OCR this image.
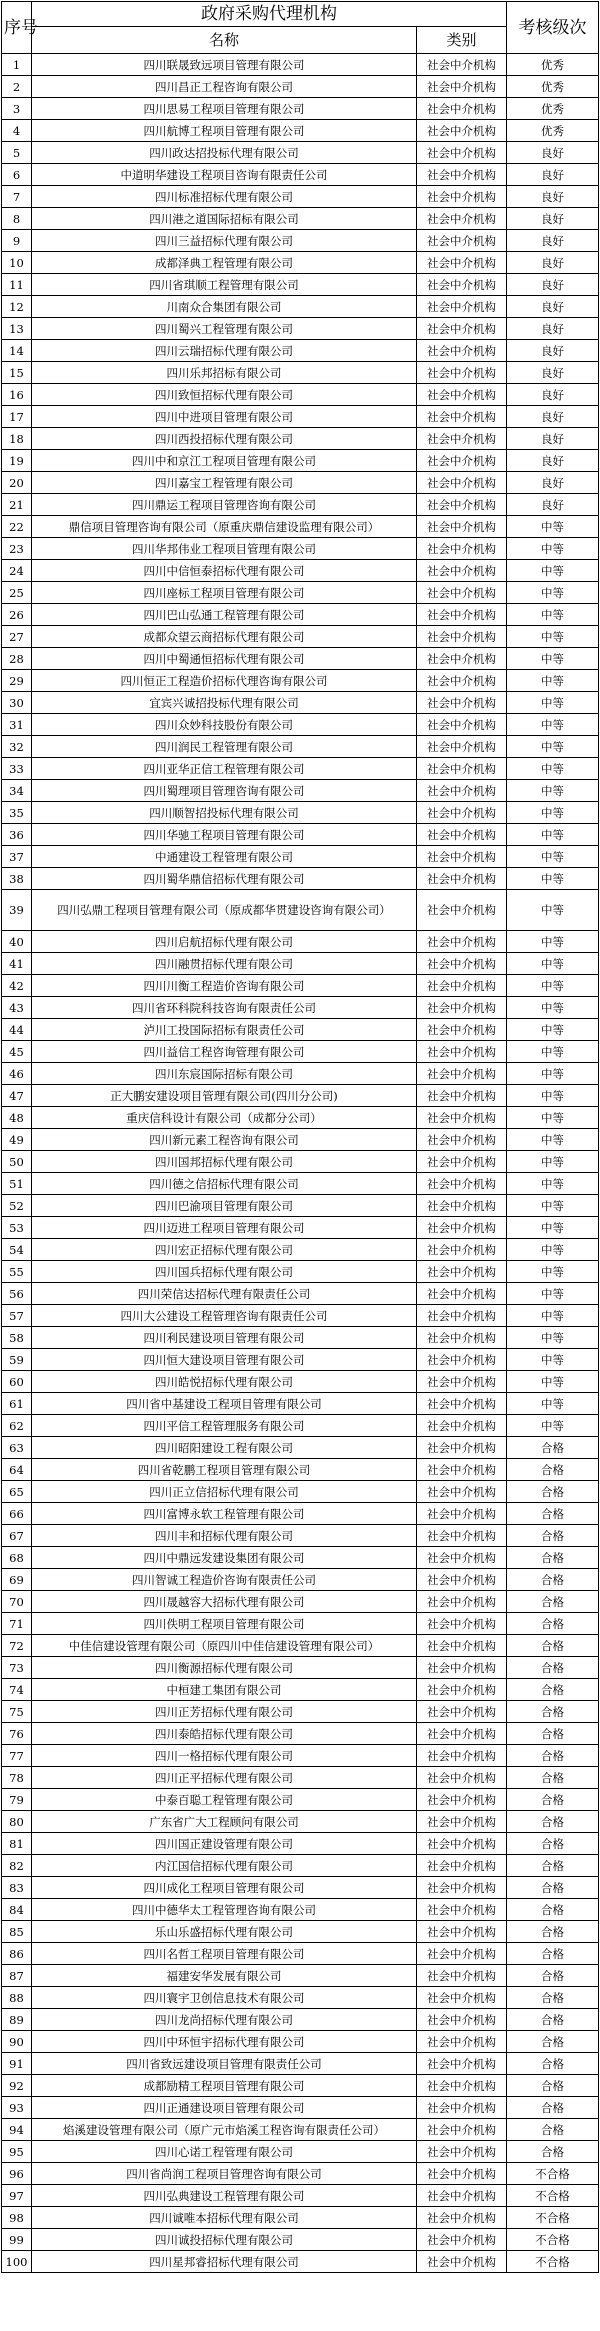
序号	政府采购代理机构		考核级次
	名称	类别	
1	四川联晟致远项目管理有限公司	社会中介机构	优秀
2	四川昌正工程咨询有限公司	社会中介机构	优秀
3	四川思易工程项目管理有限公司	社会中介机构	优秀
4	四川航博工程项目管理有限公司	社会中介机构	优秀
5	四川政达招投标代理有限公司	社会中介机构	良好
6	中道明华建设工程项目咨询有限责任公司	社会中介机构	良好
7	四川标准招标代理有限公司	社会中介机构	良好
8	四川港之道国际招标有限公司	社会中介机构	良好
9	四川三益招标代理有限公司	社会中介机构	良好
10	成都泽典工程管理有限公司	社会中介机构	良好
11	四川省琪顺工程管理有限公司	社会中介机构	良好
12	川南众合集团有限公司	社会中介机构	良好
13	四川蜀兴工程管理有限公司	社会中介机构	良好
14	四川云瑞招标代理有限公司	社会中介机构	良好
15	四川乐邦招标有限公司	社会中介机构	良好
16	四川致恒招标代理有限公司	社会中介机构	良好
17	四川中进项目管理有限公司	社会中介机构	良好
18	四川西投招标代理有限公司	社会中介机构	良好
19	四川中和京江工程项目管理有限公司	社会中介机构	良好
20	四川嘉宝工程管理有限公司	社会中介机构	良好
21	四川鼎运工程项目管理咨询有限公司	社会中介机构	良好
22	鼎信项目管理咨询有限公司（原重庆鼎信建设监理有限公司）	社会中介机构	中等
23	四川华邦伟业工程项目管理有限公司	社会中介机构	中等
24	四川中信恒泰招标代理有限公司	社会中介机构	中等
25	四川座标工程项目管理有限公司	社会中介机构	中等
26	四川巴山弘通工程管理有限公司	社会中介机构	中等
27	成都众望云商招标代理有限公司	社会中介机构	中等
28	四川中蜀通恒招标代理有限公司	社会中介机构	中等
29	四川恒正工程造价招标代理咨询有限公司	社会中介机构	中等
30	宜宾兴诚招投标代理有限公司	社会中介机构	中等
31	四川众妙科技股份有限公司	社会中介机构	中等
32	四川润民工程管理有限公司	社会中介机构	中等
33	四川亚华正信工程管理有限公司	社会中介机构	中等
34	四川蜀理项目管理咨询有限公司	社会中介机构	中等
35	四川顺智招投标代理有限公司	社会中介机构	中等
36	四川华驰工程项目管理有限公司	社会中介机构	中等
37	中通建设工程管理有限公司	社会中介机构	中等
38	四川蜀华鼎信招标代理有限公司	社会中介机构	中等
39	四川弘鼎工程项目管理有限公司（原成都华贯建设咨询有限公司）	社会中介机构	中等
40	四川启航招标代理有限公司	社会中介机构	中等
41	四川融贯招标代理有限公司	社会中介机构	中等
42	四川川衡工程造价咨询有限公司	社会中介机构	中等
43	四川省环科院科技咨询有限责任公司	社会中介机构	中等
44	泸川工投国际招标有限责任公司	社会中介机构	中等
45	四川益信工程咨询管理有限公司	社会中介机构	中等
46	四川东宸国际招标有限公司	社会中介机构	中等
47	正大鹏安建设项目管理有限公司(四川分公司)	社会中介机构	中等
48	重庆信科设计有限公司（成都分公司）	社会中介机构	中等
49	四川新元素工程咨询有限公司	社会中介机构	中等
50	四川国邦招标代理有限公司	社会中介机构	中等
51	四川德之信招标代理有限公司	社会中介机构	中等
52	四川巴渝项目管理有限公司	社会中介机构	中等
53	四川迈进工程项目管理有限公司	社会中介机构	中等
54	四川宏正招标代理有限公司	社会中介机构	中等
55	四川国兵招标代理有限公司	社会中介机构	中等
56	四川荣信达招标代理有限责任公司	社会中介机构	中等
57	四川大公建设工程管理咨询有限责任公司	社会中介机构	中等
58	四川利民建设项目管理有限公司	社会中介机构	中等
59	四川恒大建设项目管理有限公司	社会中介机构	中等
60	四川皓悦招标代理有限公司	社会中介机构	中等
61	四川省中基建设工程项目管理有限公司	社会中介机构	中等
62	四川平信工程管理服务有限公司	社会中介机构	中等
63	四川昭阳建设工程有限公司	社会中介机构	合格
64	四川省乾鹏工程项目管理有限公司	社会中介机构	合格
65	四川正立信招标代理有限公司	社会中介机构	合格
66	四川富博永软工程管理有限公司	社会中介机构	合格
67	四川丰和招标代理有限公司	社会中介机构	合格
68	四川中鼎远发建设集团有限公司	社会中介机构	合格
69	四川智诚工程造价咨询有限责任公司	社会中介机构	合格
70	四川晟越容大招标代理有限公司	社会中介机构	合格
71	四川佚明工程项目管理有限公司	社会中介机构	合格
72	中佳信建设管理有限公司（原四川中佳信建设管理有限公司）	社会中介机构	合格
73	四川衡源招标代理有限公司	社会中介机构	合格
74	中桓建工集团有限公司	社会中介机构	合格
75	四川正芳招标代理有限公司	社会中介机构	合格
76	四川泰皓招标代理有限公司	社会中介机构	合格
77	四川一格招标代理有限公司	社会中介机构	合格
78	四川正平招标代理有限公司	社会中介机构	合格
79	中泰百聪工程管理有限公司	社会中介机构	合格
80	广东省广大工程顾问有限公司	社会中介机构	合格
81	四川国正建设管理有限公司	社会中介机构	合格
82	内江国信招标代理有限公司	社会中介机构	合格
83	四川成化工程项目管理有限公司	社会中介机构	合格
84	四川中德华太工程管理咨询有限公司	社会中介机构	合格
85	乐山乐盛招标代理有限公司	社会中介机构	合格
86	四川名哲工程项目管理有限公司	社会中介机构	合格
87	福建安华发展有限公司	社会中介机构	合格
88	四川寰宇卫创信息技术有限公司	社会中介机构	合格
89	四川龙尚招标代理有限公司	社会中介机构	合格
90	四川中环恒宇招标代理有限公司	社会中介机构	合格
91	四川省致远建设项目管理有限责任公司	社会中介机构	合格
92	成都励精工程项目管理有限公司	社会中介机构	合格
93	四川正通建设项目管理有限公司	社会中介机构	合格
94	焰溪建设管理有限公司（原广元市焰溪工程咨询有限责任公司）	社会中介机构	合格
95	四川心诺工程管理有限公司	社会中介机构	合格
96	四川省尚润工程项目管理咨询有限公司	社会中介机构	不合格
97	四川弘典建设工程管理有限公司	社会中介机构	不合格
98	四川诚唯本招标代理有限公司	社会中介机构	不合格
99	四川诚投招标代理有限公司	社会中介机构	不合格
100	四川星邦睿招标代理有限公司	社会中介机构	不合格
